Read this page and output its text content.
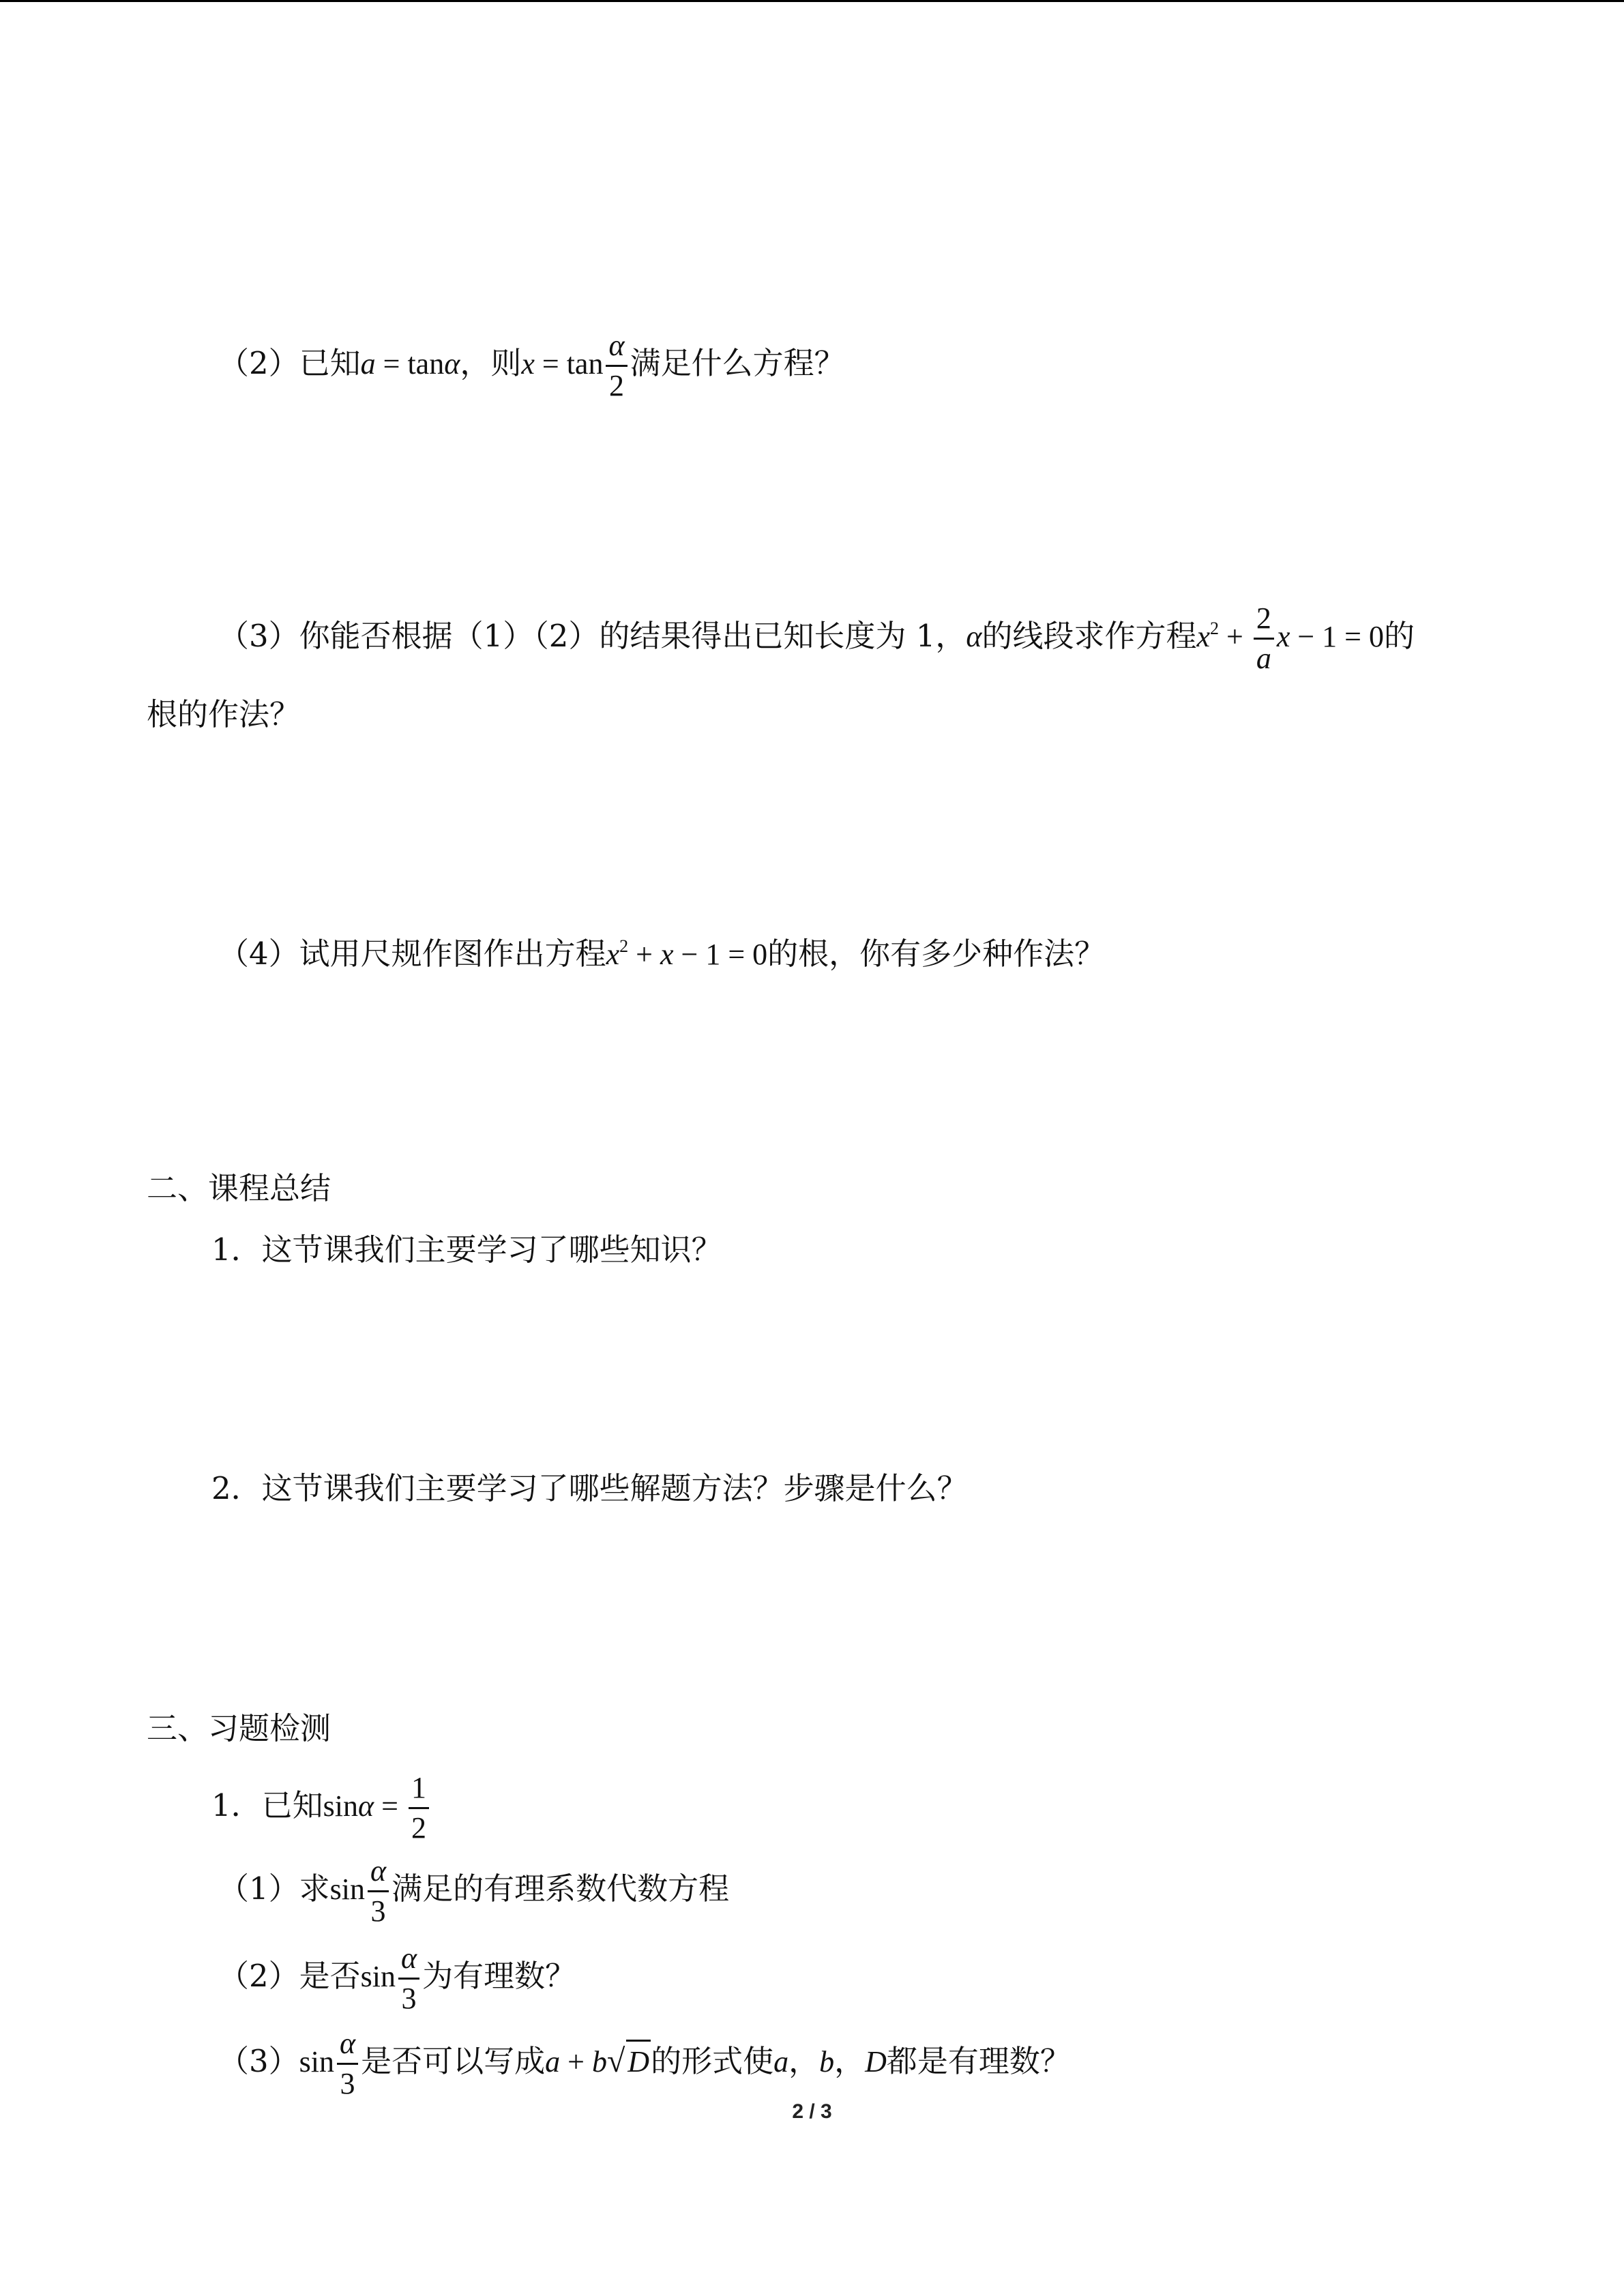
（2）已知a = tanα，则$x = \tan \frac{\alpha}{2}$ 满足什么方程？
（3）你能否根据（1）（2）的结果得出已知长度为 1，α的线段求作方程$x^2 + \frac{2}{a}$ x − 1 = 0的
根的作法？
（4）试用尺规作图作出方程$x^2 + x - 1 = 0$的根，你有多少种作法？
二、课程总结
1．这节课我们主要学习了哪些知识？
2．这节课我们主要学习了哪些解题方法？步骤是什么？
三、习题检测
1．已知$\sin\alpha = \frac{1}{2}$
（1）求$\sin \frac{\alpha}{3}$ 满足的有理系数代数方程
（2）是否$\sin \frac{\alpha}{3}$ 为有理数？
$(3)\sin \frac{\alpha}{3}$ 是否可以写成a + b√D的形式使a，b，D都是有理数？
2 / 3
